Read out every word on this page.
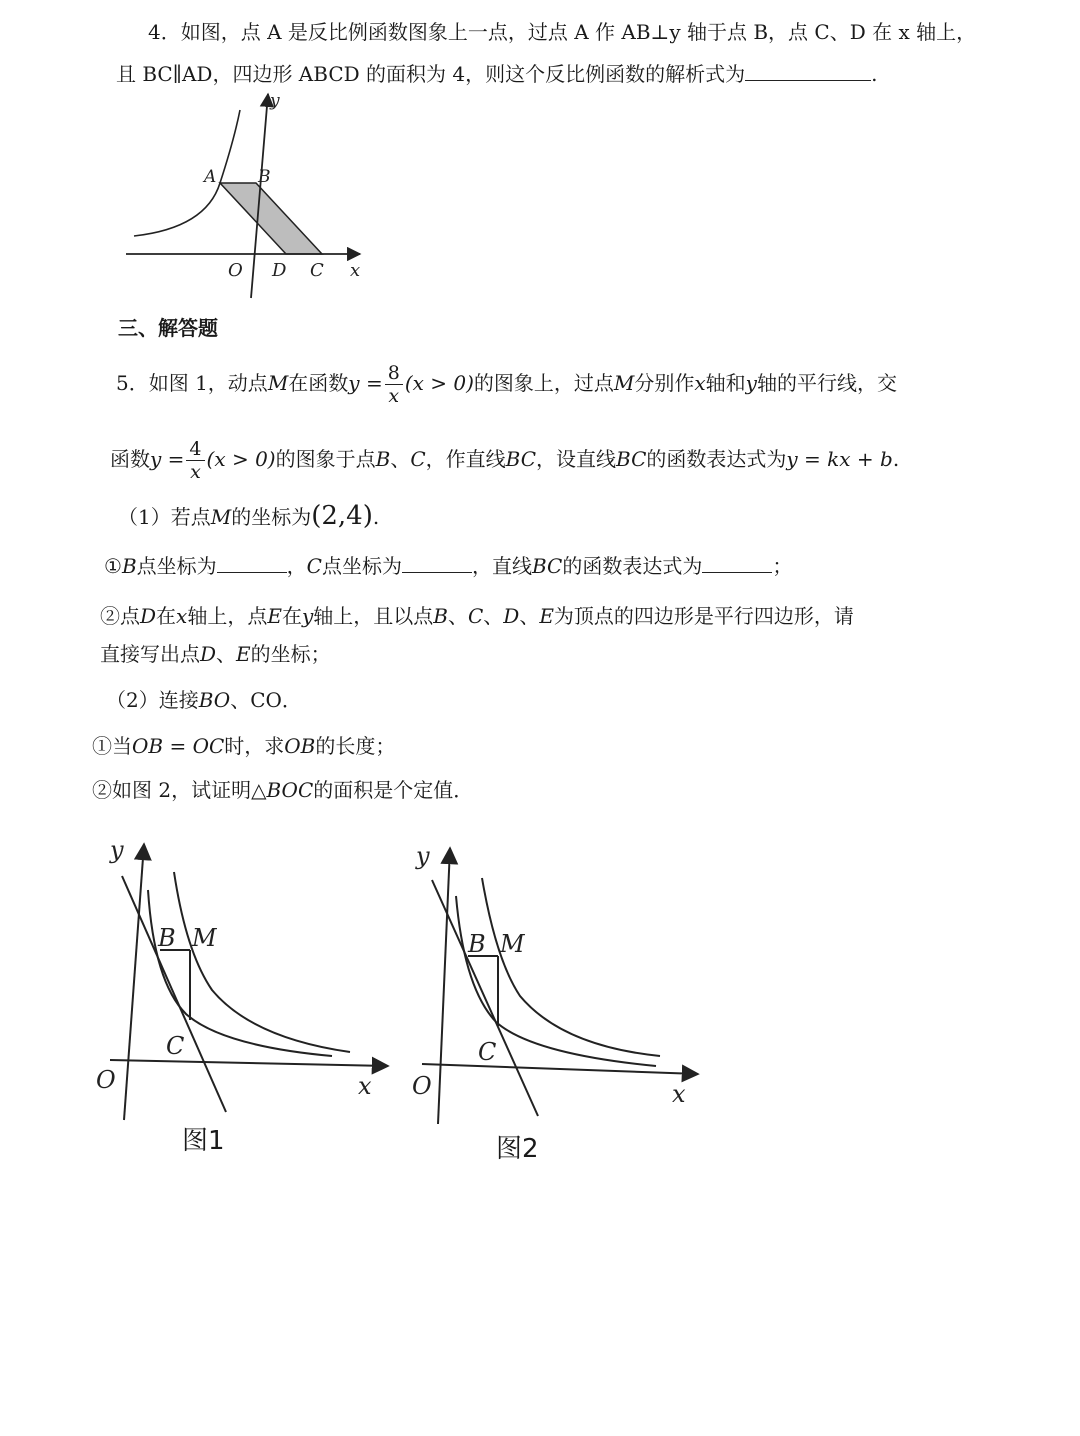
4．如图，点 A 是反比例函数图象上一点，过点 A 作 AB⊥y 轴于点 B，点 C、D 在 x 轴上，
且 BC∥AD，四边形 ABCD 的面积为 4，则这个反比例函数的解析式为	.
y
A B
O D C x
三、解答题
5．如图 1，动点M在函数$y = \frac{8}{x} (x > 0)$的图象上，过点M分别作x轴和y轴的平行线，交
函数$y = \frac{4}{x} (x > 0)$的图象于点B、C，作直线BC，设直线BC的函数表达式为y = kx + b.
（1）若点M的坐标为(2,4).
①B点坐标为	，C点坐标为	，直线BC的函数表达式为	；
②点D在x轴上，点E在y轴上，且以点B、C、D、E为顶点的四边形是平行四边形，请
直接写出点D、E的坐标；
（2）连接BO、CO．
①当OB = OC时，求OB的长度；
②如图 2，试证明△BOC的面积是个定值．
y
B M
C
O	x
图1
y
B M
C
O	x
图2
